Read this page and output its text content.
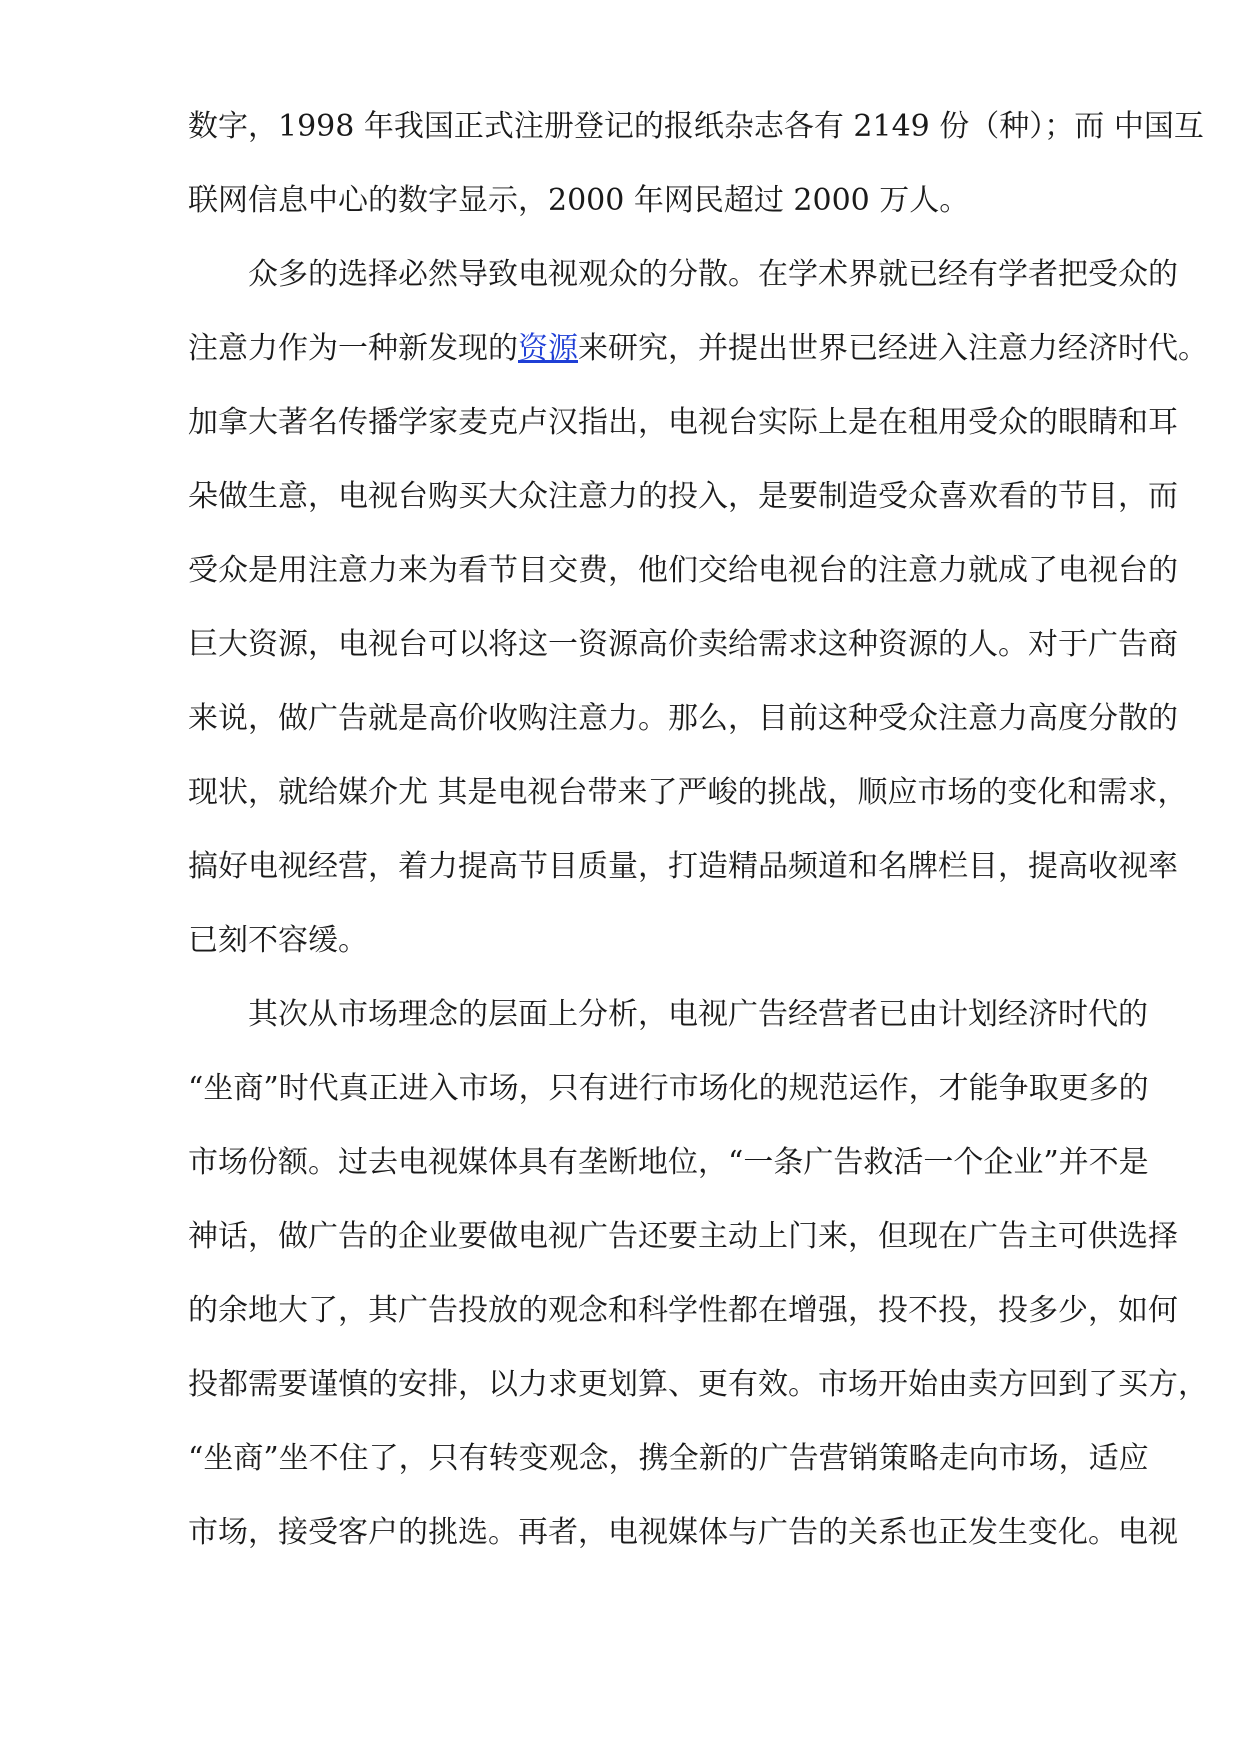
数字，1998 年我国正式注册登记的报纸杂志各有 2149 份（种）；而 中国互
联网信息中心的数字显示，2000 年网民超过 2000 万人。
众多的选择必然导致电视观众的分散。在学术界就已经有学者把受众的
注意力作为一种新发现的资源来研究，并提出世界已经进入注意力经济时代。
加拿大著名传播学家麦克卢汉指出，电视台实际上是在租用受众的眼睛和耳
朵做生意，电视台购买大众注意力的投入，是要制造受众喜欢看的节目，而
受众是用注意力来为看节目交费，他们交给电视台的注意力就成了电视台的
巨大资源，电视台可以将这一资源高价卖给需求这种资源的人。对于广告商
来说，做广告就是高价收购注意力。那么，目前这种受众注意力高度分散的
现状，就给媒介尤 其是电视台带来了严峻的挑战，顺应市场的变化和需求，
搞好电视经营，着力提高节目质量，打造精品频道和名牌栏目，提高收视率
已刻不容缓。
其次从市场理念的层面上分析，电视广告经营者已由计划经济时代的
“坐商”时代真正进入市场，只有进行市场化的规范运作，才能争取更多的
市场份额。过去电视媒体具有垄断地位，“一条广告救活一个企业”并不是
神话，做广告的企业要做电视广告还要主动上门来，但现在广告主可供选择
的余地大了，其广告投放的观念和科学性都在增强，投不投，投多少，如何
投都需要谨慎的安排，以力求更划算、更有效。市场开始由卖方回到了买方，
“坐商”坐不住了，只有转变观念，携全新的广告营销策略走向市场，适应
市场，接受客户的挑选。再者，电视媒体与广告的关系也正发生变化。电视
